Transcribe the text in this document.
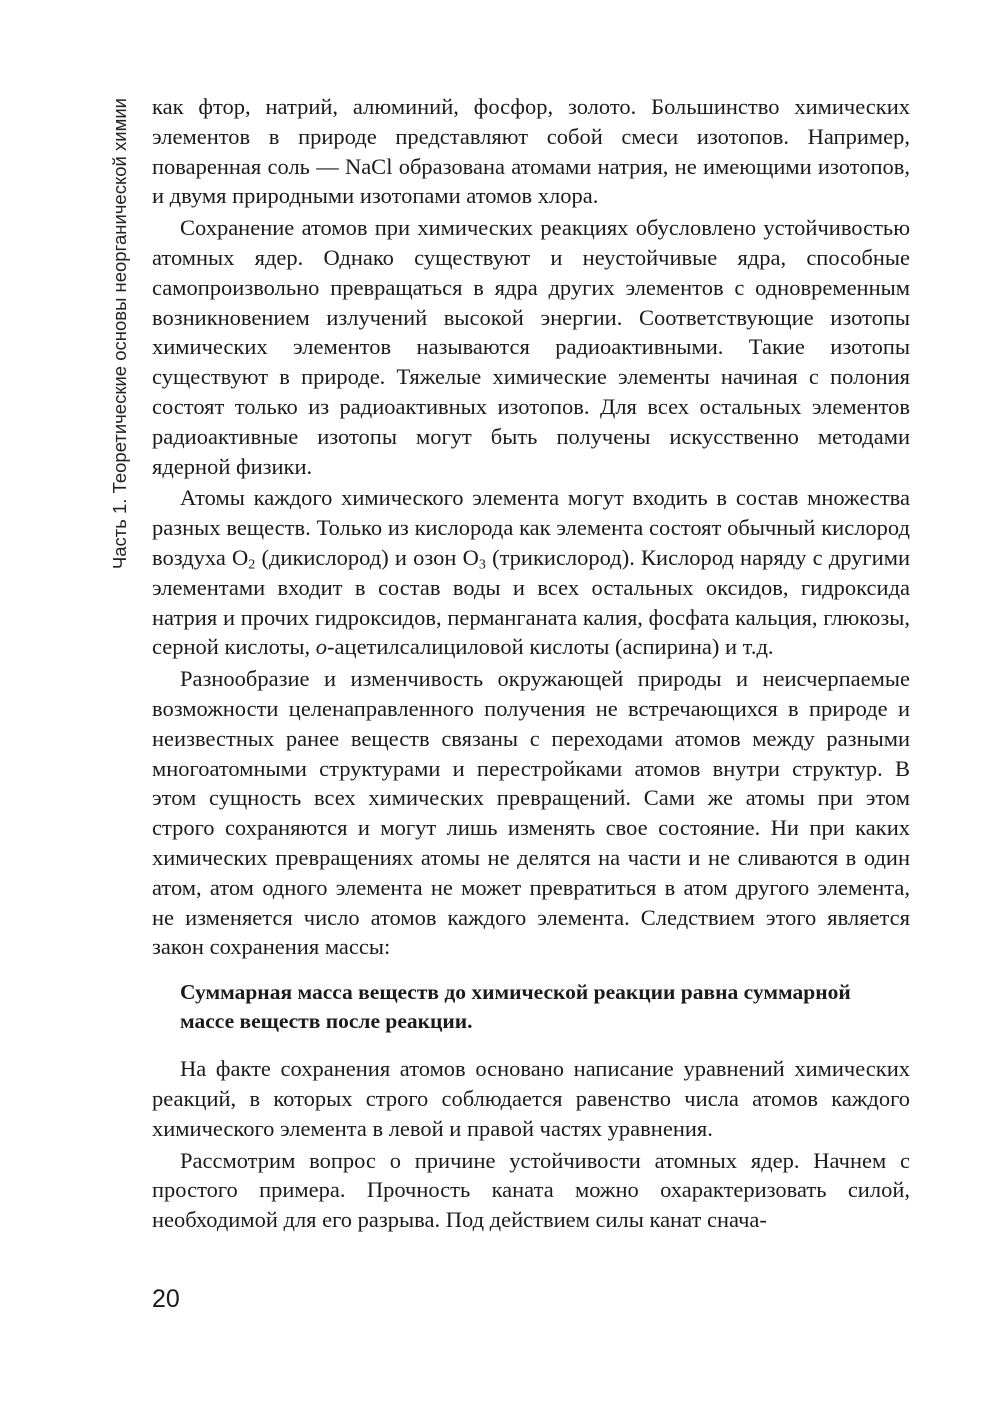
Часть 1. Теоретические основы неорганической химии как фтор, натрий, алюминий, фосфор, золото. Большинство химических элементов в природе представляют собой смеси изотопов. Например, поваренная соль — NaCl образована атомами натрия, не имеющими изотопов, и двумя природными изотопами атомов хлора.

Сохранение атомов при химических реакциях обусловлено устойчивостью атомных ядер. Однако существуют и неустойчивые ядра, способные самопроизвольно превращаться в ядра других элементов с одновременным возникновением излучений высокой энергии. Соответствующие изотопы химических элементов называются радиоактивными. Такие изотопы существуют в природе. Тяжелые химические элементы начиная с полония состоят только из радиоактивных изотопов. Для всех остальных элементов радиоактивные изотопы могут быть получены искусственно методами ядерной физики.

Атомы каждого химического элемента могут входить в состав множества разных веществ. Только из кислорода как элемента состоят обычный кислород воздуха $O_2$ (дикислород) и озон $O_3$ (трикислород). Кислород наряду с другими элементами входит в состав воды и всех остальных оксидов, гидроксида натрия и прочих гидроксидов, перманганата калия, фосфата кальция, глюкозы, серной кислоты, о-ацетилсалициловой кислоты (аспирина) и т.д.

Разнообразие и изменчивость окружающей природы и неисчерпаемые возможности целенаправленного получения не встречающихся в природе и неизвестных ранее веществ связаны с переходами атомов между разными многоатомными структурами и перестройками атомов внутри структур. В этом сущность всех химических превращений. Сами же атомы при этом строго сохраняются и могут лишь изменять свое состояние. Ни при каких химических превращениях атомы не делятся на части и не сливаются в один атом, атом одного элемента не может превратиться в атом другого элемента, не изменяется число атомов каждого элемента. Следствием этого является закон сохранения массы:

Суммарная масса веществ до химической реакции равна суммарной массе веществ после реакции.

На факте сохранения атомов основано написание уравнений химических реакций, в которых строго соблюдается равенство числа атомов каждого химического элемента в левой и правой частях уравнения.

Рассмотрим вопрос о причине устойчивости атомных ядер. Начнем с простого примера. Прочность каната можно охарактеризовать силой, необходимой для его разрыва. Под действием силы канат снача-

20
